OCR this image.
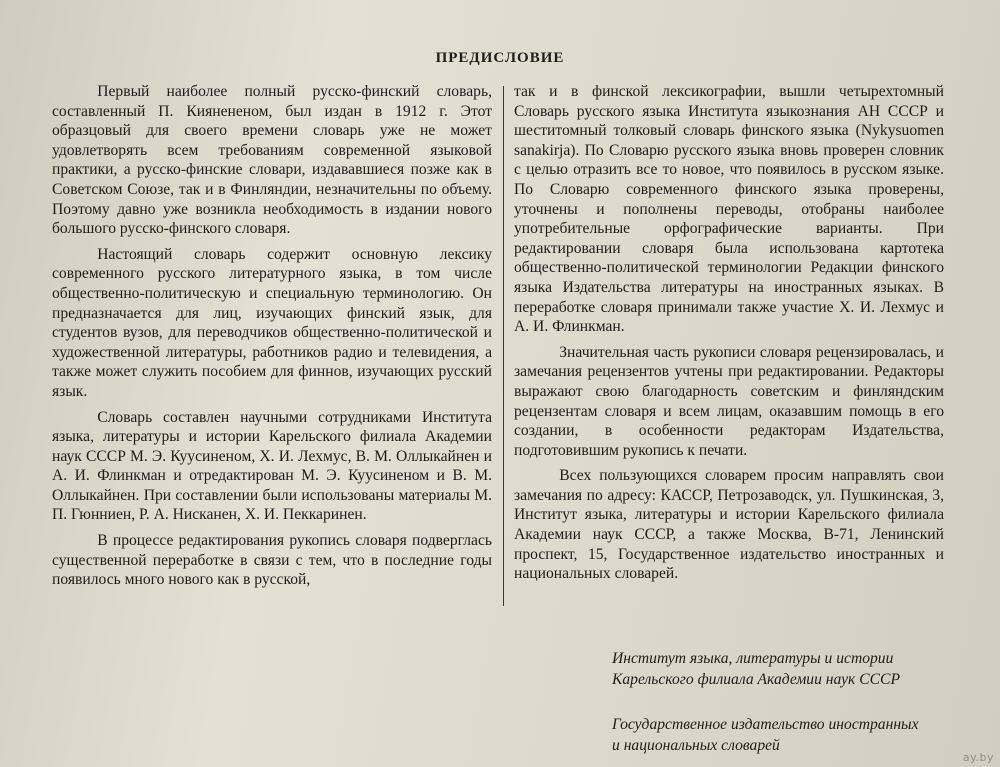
ПРЕДИСЛОВИЕ

Первый наиболее полный русско-финский словарь, составленный П. Киянененом, был издан в 1912 г. Этот образцовый для своего времени словарь уже не может удовлетворять всем требованиям современной языковой практики, а русско-финские словари, издававшиеся позже как в Советском Союзе, так и в Финляндии, незначительны по объему. Поэтому давно уже возникла необходимость в издании нового большого русско-финского словаря.

Настоящий словарь содержит основную лексику современного русского литературного языка, в том числе общественно-политическую и специальную терминологию. Он предназначается для лиц, изучающих финский язык, для студентов вузов, для переводчиков общественно-политической и художественной литературы, работников радио и телевидения, а также может служить пособием для финнов, изучающих русский язык.

Словарь составлен научными сотрудниками Института языка, литературы и истории Карельского филиала Академии наук СССР М. Э. Куусиненом, Х. И. Лехмус, В. М. Оллыкайнен и А. И. Флинкман и отредактирован М. Э. Куусиненом и В. М. Оллыкайнен. При составлении были использованы материалы М. П. Гюнниен, Р. А. Нисканен, Х. И. Пеккаринен.

В процессе редактирования рукопись словаря подверглась существенной переработке в связи с тем, что в последние годы появилось много нового как в русской,

так и в финской лексикографии, вышли четырехтомный Словарь русского языка Института языкознания АН СССР и шеститомный толковый словарь финского языка (Nykysuomen sanakirja). По Словарю русского языка вновь проверен словник с целью отразить все то новое, что появилось в русском языке. По Словарю современного финского языка проверены, уточнены и пополнены переводы, отобраны наиболее употребительные орфографические варианты. При редактировании словаря была использована картотека общественно-политической терминологии Редакции финского языка Издательства литературы на иностранных языках. В переработке словаря принимали также участие Х. И. Лехмус и А. И. Флинкман.

Значительная часть рукописи словаря рецензировалась, и замечания рецензентов учтены при редактировании. Редакторы выражают свою благодарность советским и финляндским рецензентам словаря и всем лицам, оказавшим помощь в его создании, в особенности редакторам Издательства, подготовившим рукопись к печати.

Всех пользующихся словарем просим направлять свои замечания по адресу: КАССР, Петрозаводск, ул. Пушкинская, 3, Институт языка, литературы и истории Карельского филиала Академии наук СССР, а также Москва, В-71, Ленинский проспект, 15, Государственное издательство иностранных и национальных словарей.

Институт языка, литературы и истории
Карельского филиала Академии наук СССР
Государственное издательство иностранных
и национальных словарей
ay.by
